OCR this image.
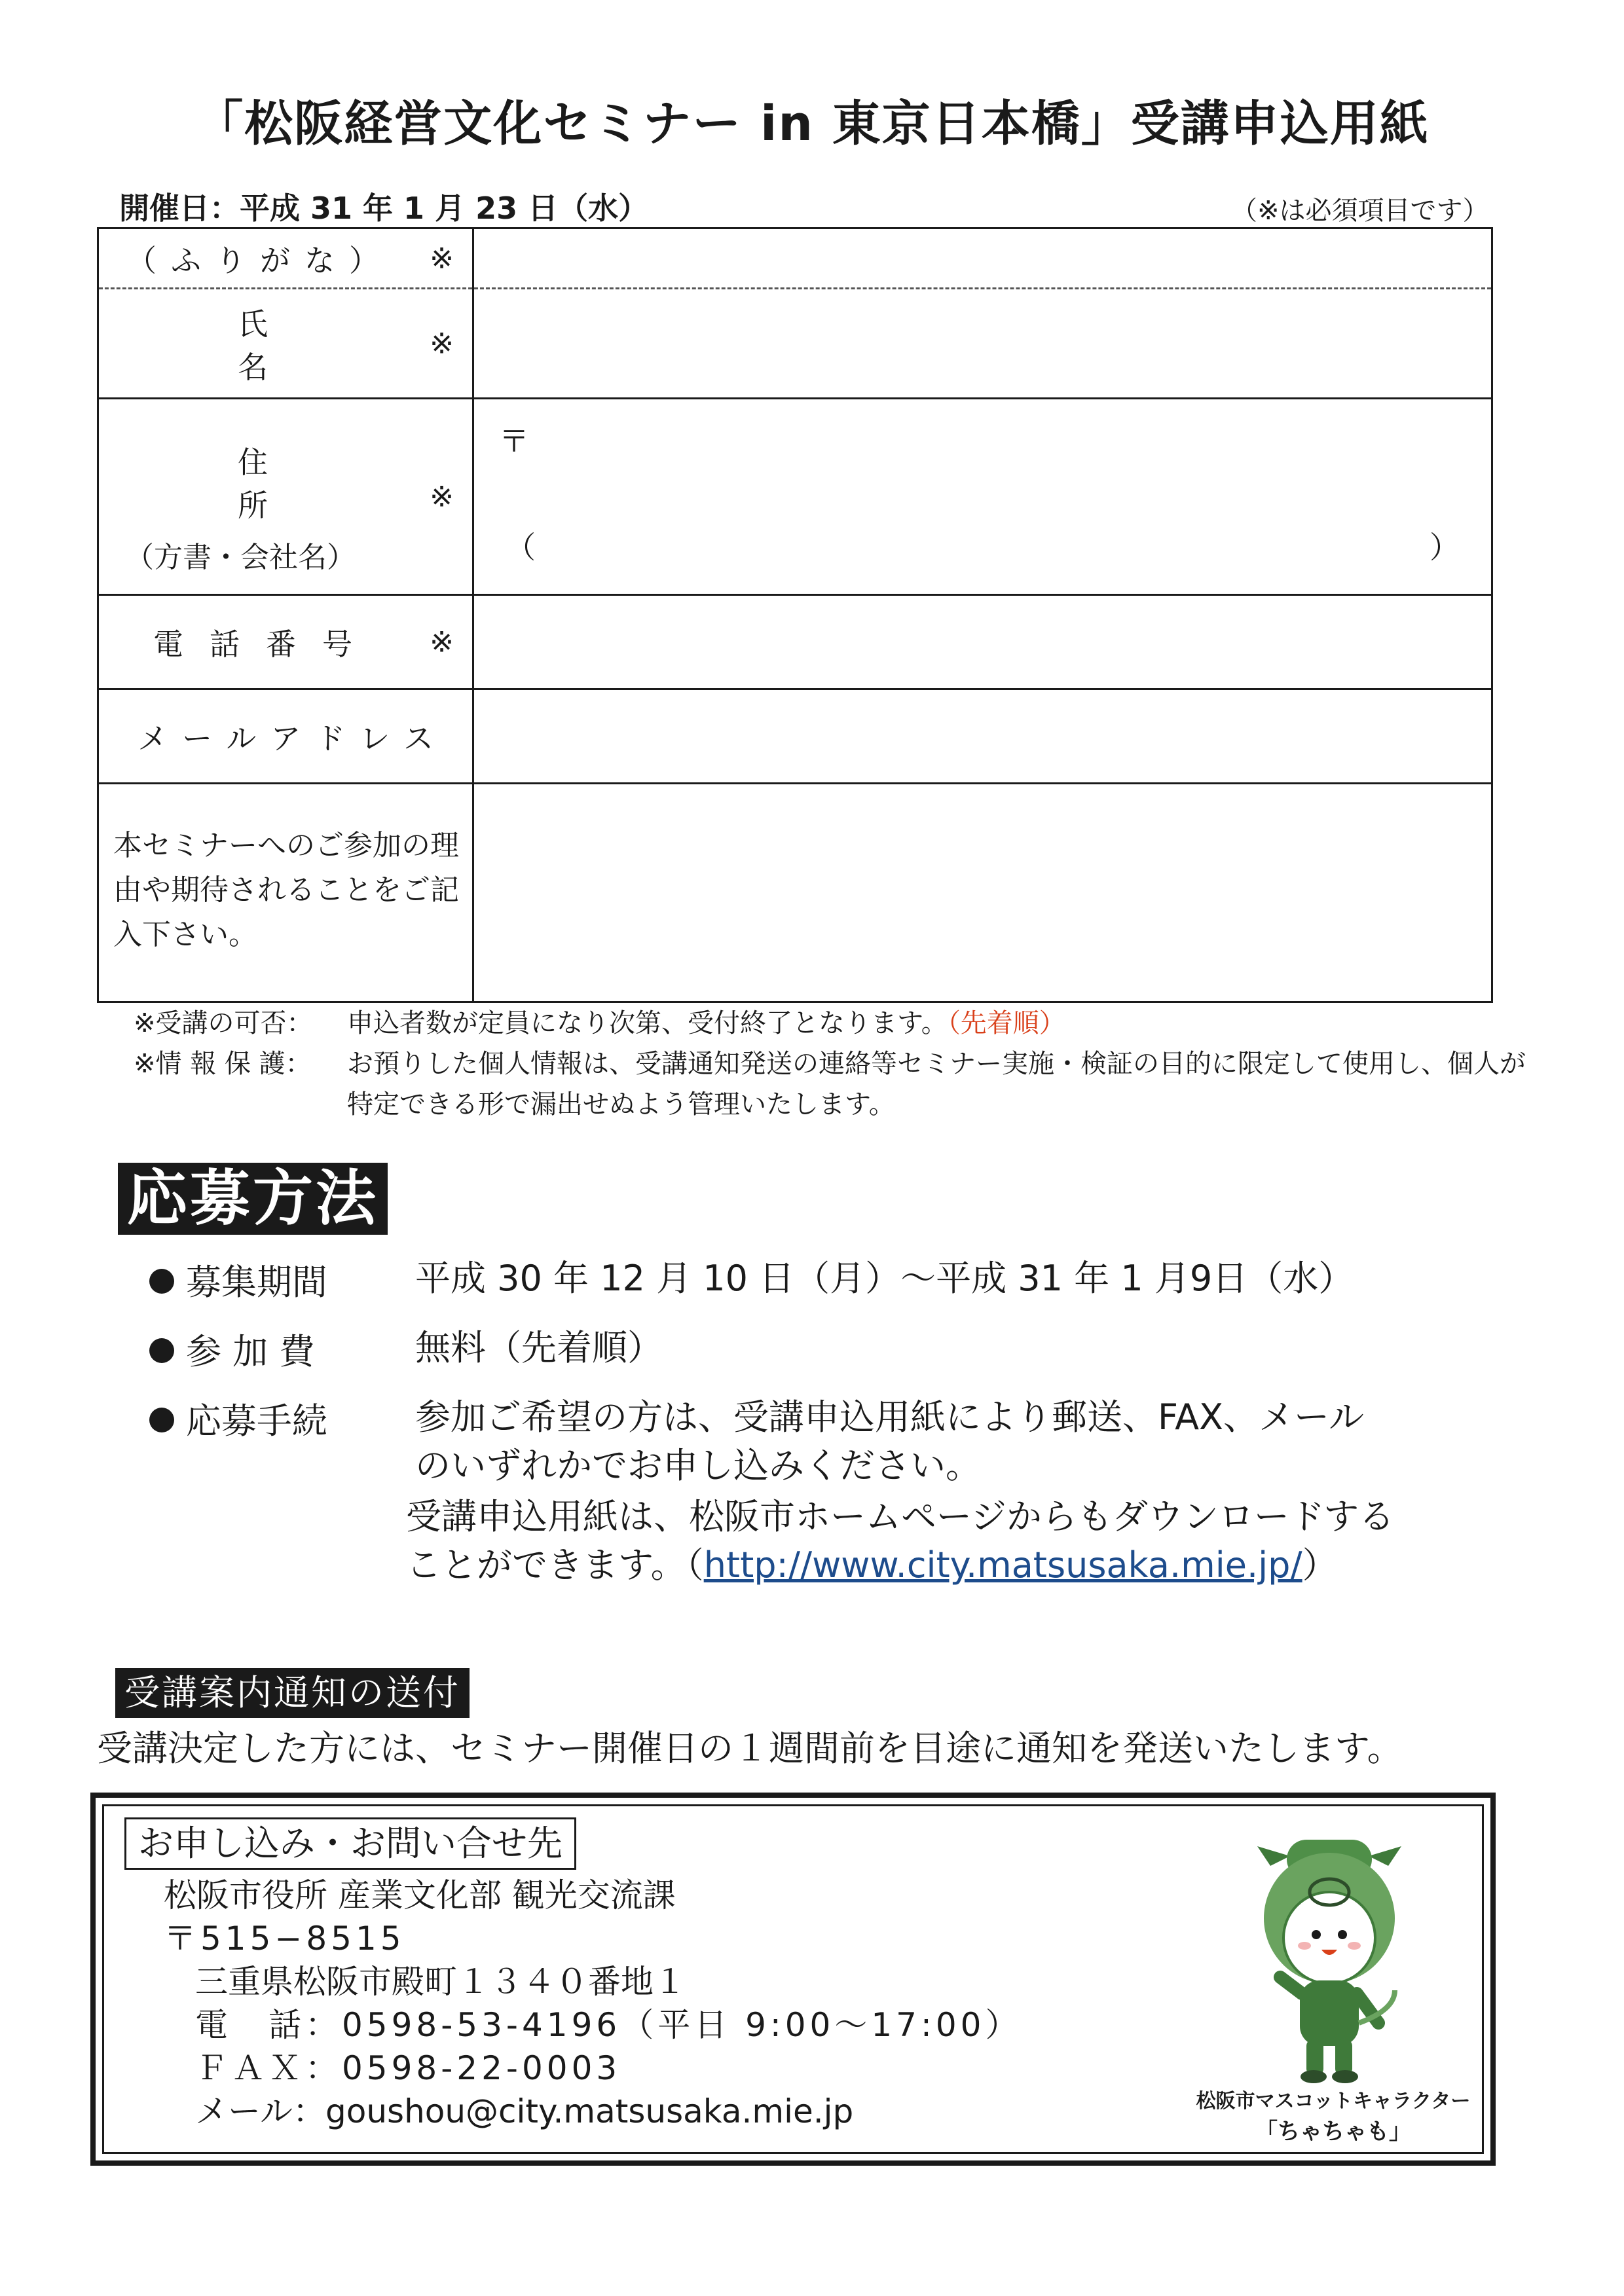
「松阪経営文化セミナー in 東京日本橋」受講申込用紙
開催日：平成 31 年 1 月 23 日（水）	（※は必須項目です）
（ふりがな） ※	

氏名
※	

住所 ※
（方書・会社名）	〒
（ ）

電話番号 ※	

メールアドレス	

本セミナーへのご参加の理由や期待されることをご記入下さい。	

※受講の可否：	申込者数が定員になり次第、受付終了となります。（先着順）
※情 報 保 護：	お預りした個人情報は、受講通知発送の連絡等セミナー実施・検証の目的に限定して使用し、個人が特定できる形で漏出せぬよう管理いたします。
応募方法
募集期間	平成 30 年 12 月 10 日（月）～平成 31 年 1 月9日（水）
参 加 費	無料（先着順）
応募手続	参加ご希望の方は、受講申込用紙により郵送、FAX、メール
のいずれかでお申し込みください。
受講申込用紙は、松阪市ホームページからもダウンロードする
ことができます。（http://www.city.matsusaka.mie.jp/）
受講案内通知の送付
受講決定した方には、セミナー開催日の１週間前を目途に通知を発送いたします。
お申し込み・お問い合せ先
松阪市役所 産業文化部 観光交流課
〒515−8515
三重県松阪市殿町１３４０番地１
電　話：0598-53-4196（平日 9:00～17:00）
ＦＡＸ：0598-22-0003
メール：goushou@city.matsusaka.mie.jp	松阪市マスコットキャラクター
「ちゃちゃも」
